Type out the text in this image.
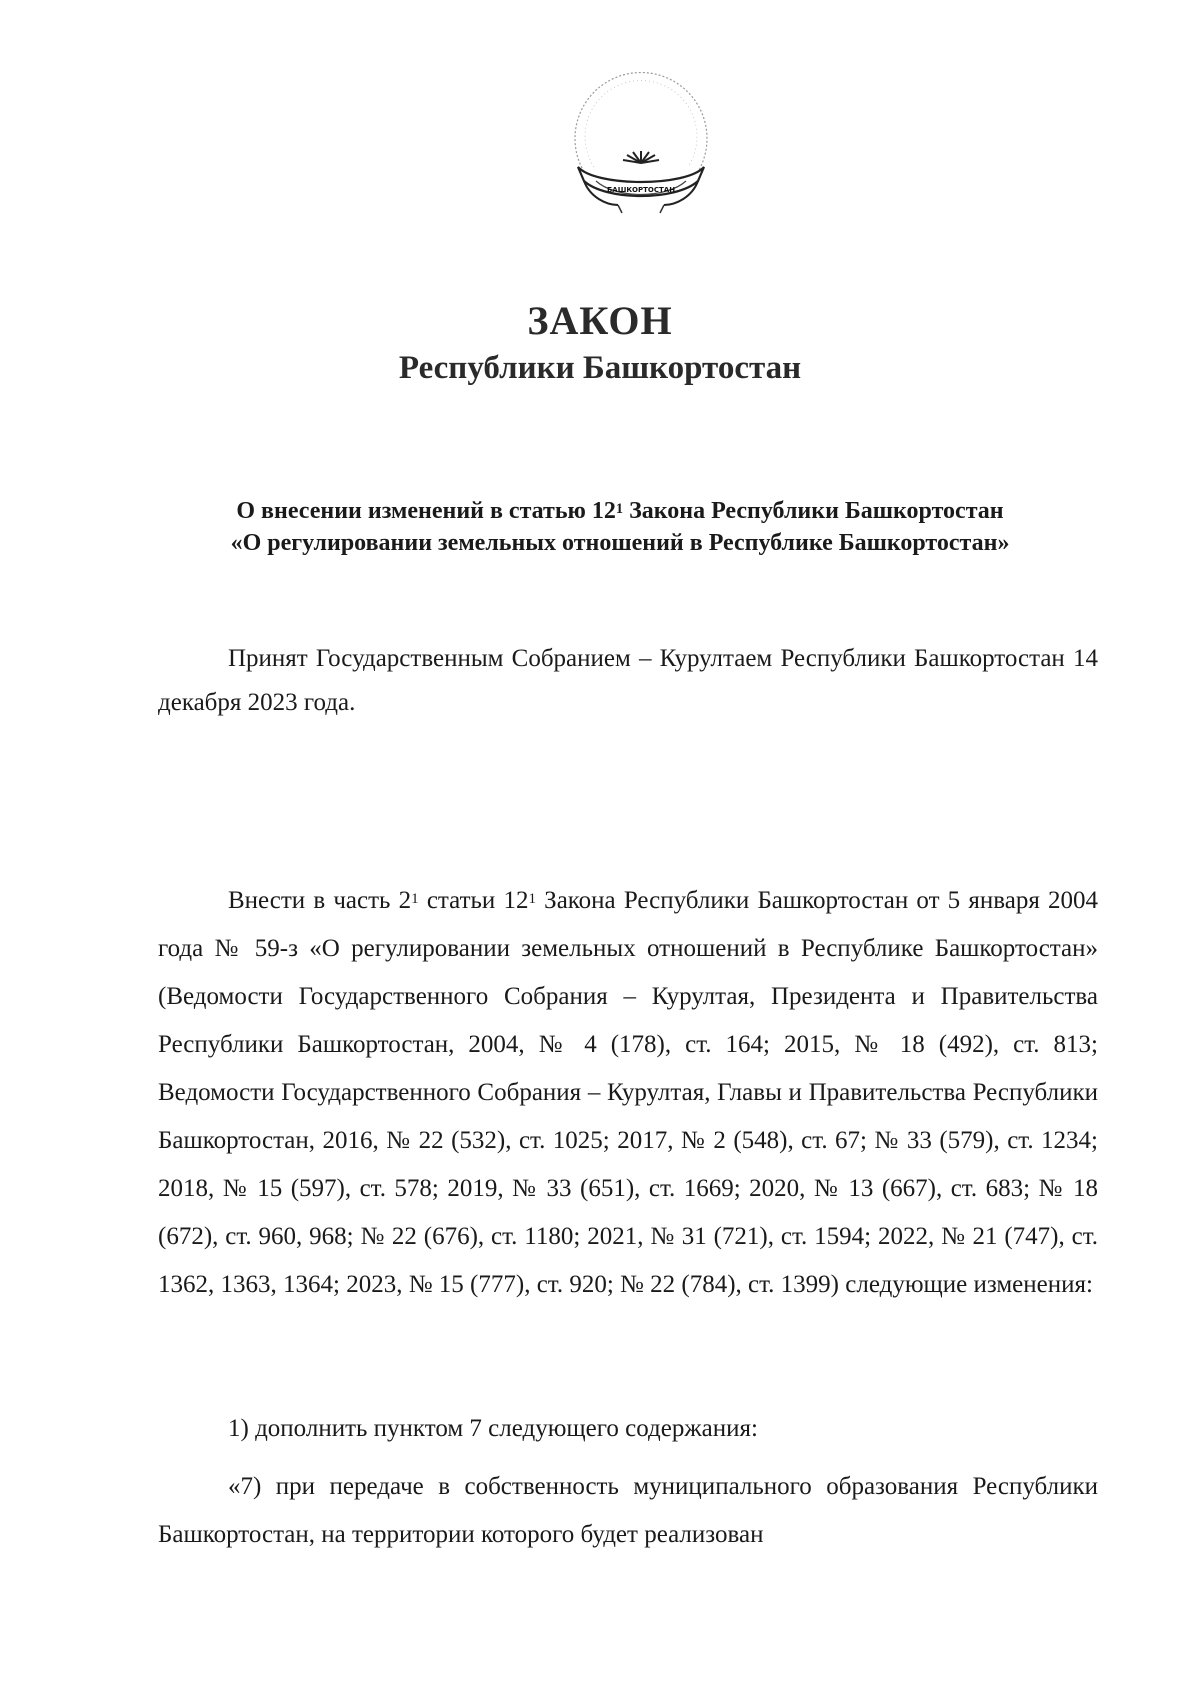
БАШКОРТОСТАН
ЗАКОН
Республики Башкортостан
О внесении изменений в статью $12^1$ Закона Республики Башкортостан
«О регулировании земельных отношений в Республике Башкортостан»
Принят Государственным Собранием – Курултаем Республики Башкортостан 14 декабря 2023 года.
Внести в часть $2^1$ статьи $12^1$ Закона Республики Башкортостан от 5 января 2004 года № 59-з «О регулировании земельных отношений в Республике Башкортостан» (Ведомости Государственного Собрания – Курултая, Президента и Правительства Республики Башкортостан, 2004, № 4 (178), ст. 164; 2015, № 18 (492), ст. 813; Ведомости Государственного Собрания – Курултая, Главы и Правительства Республики Башкортостан, 2016, № 22 (532), ст. 1025; 2017, № 2 (548), ст. 67; № 33 (579), ст. 1234; 2018, № 15 (597), ст. 578; 2019, № 33 (651), ст. 1669; 2020, № 13 (667), ст. 683; № 18 (672), ст. 960, 968; № 22 (676), ст. 1180; 2021, № 31 (721), ст. 1594; 2022, № 21 (747), ст. 1362, 1363, 1364; 2023, № 15 (777), ст. 920; № 22 (784), ст. 1399) следующие изменения:
1) дополнить пунктом 7 следующего содержания:
«7) при передаче в собственность муниципального образования Республики Башкортостан, на территории которого будет реализован
